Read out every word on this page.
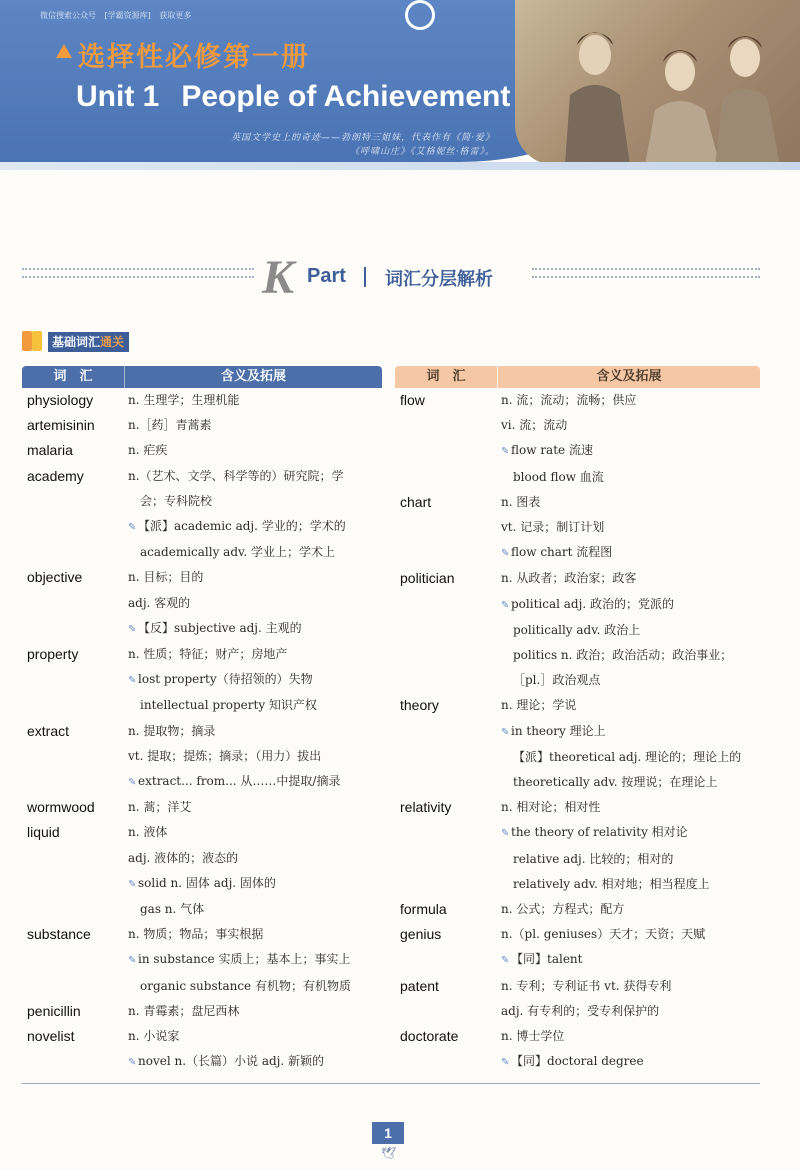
微信搜索公众号 [学霸资源库] 获取更多
选择性必修第一册
Unit 1 People of Achievement
英国文学史上的奇迹——勃朗特三姐妹，代表作有《简·爱》
《呼啸山庄》《艾格妮丝·格雷》。
K Part 词汇分层解析
基础词汇通关
词　汇	含义及拓展
physiology	n. 生理学；生理机能
artemisinin	n.［药］青蒿素
malaria	n. 疟疾
academy	n.（艺术、文学、科学等的）研究院；学
会；专科院校
✎ 【派】academic adj. 学业的；学术的
academically adv. 学业上；学术上
objective	n. 目标；目的
adj. 客观的
✎ 【反】subjective adj. 主观的
property	n. 性质；特征；财产；房地产
✎ lost property（待招领的）失物
intellectual property 知识产权
extract	n. 提取物；摘录
vt. 提取；提炼；摘录；（用力）拔出
✎ extract... from... 从……中提取/摘录
wormwood	n. 蒿；洋艾
liquid	n. 液体
adj. 液体的；液态的
✎ solid n. 固体 adj. 固体的
gas n. 气体
substance	n. 物质；物品；事实根据
✎ in substance 实质上；基本上；事实上
organic substance 有机物；有机物质
penicillin	n. 青霉素；盘尼西林
novelist	n. 小说家
✎ novel n.（长篇）小说 adj. 新颖的
词　汇	含义及拓展
flow	n. 流；流动；流畅；供应
vi. 流；流动
✎ flow rate 流速
blood flow 血流
chart	n. 图表
vt. 记录；制订计划
✎ flow chart 流程图
politician	n. 从政者；政治家；政客
✎ political adj. 政治的；党派的
politically adv. 政治上
politics n. 政治；政治活动；政治事业；
［pl.］政治观点
theory	n. 理论；学说
✎ in theory 理论上
【派】theoretical adj. 理论的；理论上的
theoretically adv. 按理说；在理论上
relativity	n. 相对论；相对性
✎ the theory of relativity 相对论
relative adj. 比较的；相对的
relatively adv. 相对地；相当程度上
formula	n. 公式；方程式；配方
genius	n.（pl. geniuses）天才；天资；天赋
✎ 【同】talent
patent	n. 专利；专利证书 vt. 获得专利
adj. 有专利的；受专利保护的
doctorate	n. 博士学位
✎ 【同】doctoral degree
1
🕊
